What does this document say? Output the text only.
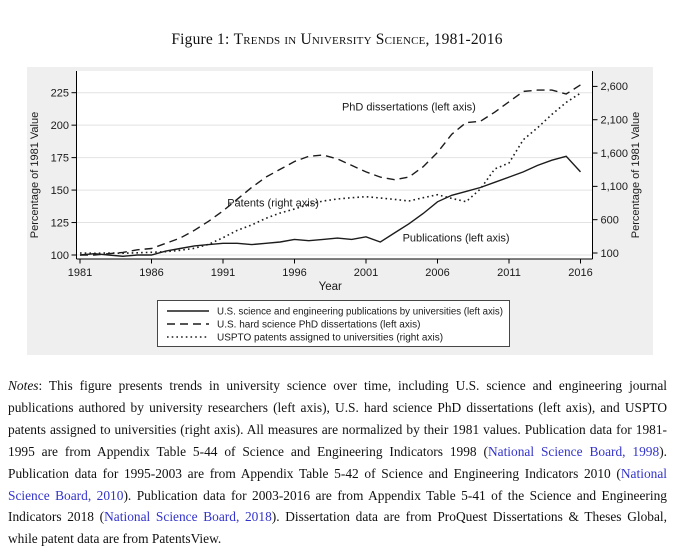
Figure 1: Trends in University Science, 1981-2016
100
125
150
175
200
225
100
600
1,100
1,600
2,100
2,600
1981	1986	1991	1996	2001	2006	2011	2016
Percentage of 1981 Value	Percentage of 1981 Value
Year
PhD dissertations (left axis)
Patents (right axis)
Publications (left axis)
U.S. science and engineering publications by universities (left axis)
U.S. hard science PhD dissertations (left axis)
USPTO patents assigned to universities (right axis)

Notes: This figure presents trends in university science over time, including U.S. science and engineering journal publications authored by university researchers (left axis), U.S. hard science PhD dissertations (left axis), and USPTO patents assigned to universities (right axis). All measures are normalized by their 1981 values. Publication data for 1981-1995 are from Appendix Table 5-44 of Science and Engineering Indicators 1998 (National Science Board, 1998). Publication data for 1995-2003 are from Appendix Table 5-42 of Science and Engineering Indicators 2010 (National Science Board, 2010). Publication data for 2003-2016 are from Appendix Table 5-41 of the Science and Engineering Indicators 2018 (National Science Board, 2018). Dissertation data are from ProQuest Dissertations & Theses Global, while patent data are from PatentsView.
